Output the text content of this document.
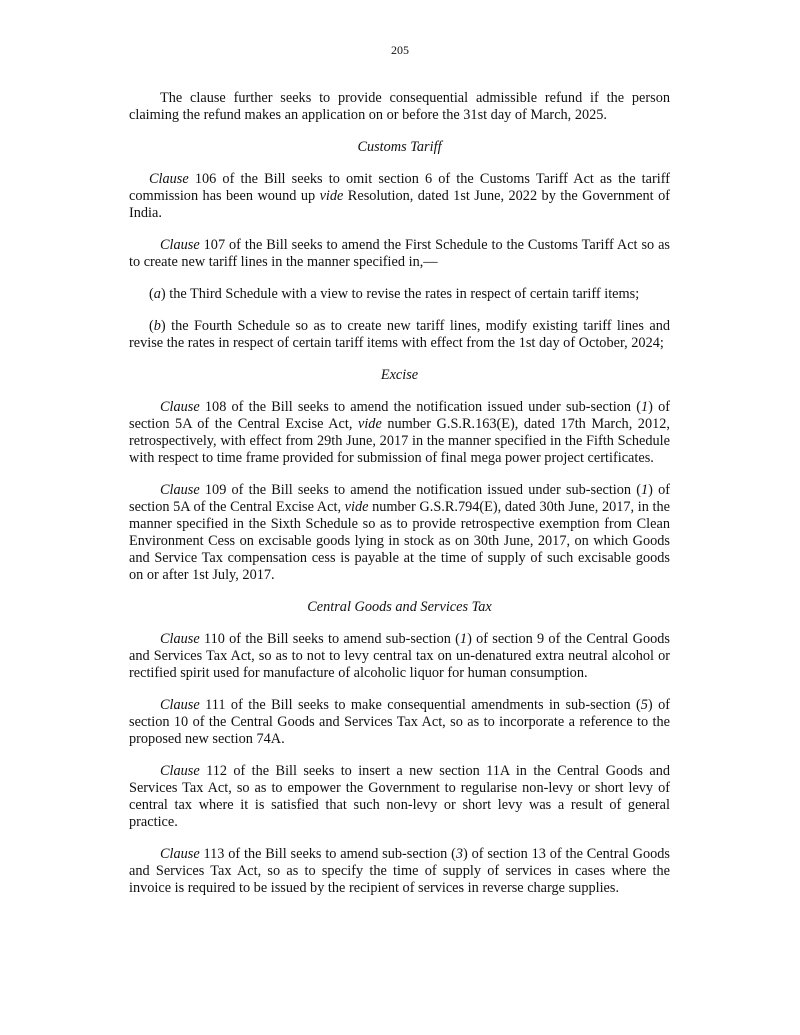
205

The clause further seeks to provide consequential admissible refund if the person claiming the refund makes an application on or before the 31st day of March, 2025.

Customs Tariff

Clause 106 of the Bill seeks to omit section 6 of the Customs Tariff Act as the tariff commission has been wound up vide Resolution, dated 1st June, 2022 by the Government of India.

Clause 107 of the Bill seeks to amend the First Schedule to the Customs Tariff Act so as to create new tariff lines in the manner specified in,—

(a) the Third Schedule with a view to revise the rates in respect of certain tariff items;

(b) the Fourth Schedule so as to create new tariff lines, modify existing tariff lines and revise the rates in respect of certain tariff items with effect from the 1st day of October, 2024;

Excise

Clause 108 of the Bill seeks to amend the notification issued under sub-section (1) of section 5A of the Central Excise Act, vide number G.S.R.163(E), dated 17th March, 2012, retrospectively, with effect from 29th June, 2017 in the manner specified in the Fifth Schedule with respect to time frame provided for submission of final mega power project certificates.

Clause 109 of the Bill seeks to amend the notification issued under sub-section (1) of section 5A of the Central Excise Act, vide number G.S.R.794(E), dated 30th June, 2017, in the manner specified in the Sixth Schedule so as to provide retrospective exemption from Clean Environment Cess on excisable goods lying in stock as on 30th June, 2017, on which Goods and Service Tax compensation cess is payable at the time of supply of such excisable goods on or after 1st July, 2017.

Central Goods and Services Tax

Clause 110 of the Bill seeks to amend sub-section (1) of section 9 of the Central Goods and Services Tax Act, so as to not to levy central tax on un-denatured extra neutral alcohol or rectified spirit used for manufacture of alcoholic liquor for human consumption.

Clause 111 of the Bill seeks to make consequential amendments in sub-section (5) of section 10 of the Central Goods and Services Tax Act, so as to incorporate a reference to the proposed new section 74A.

Clause 112 of the Bill seeks to insert a new section 11A in the Central Goods and Services Tax Act, so as to empower the Government to regularise non-levy or short levy of central tax where it is satisfied that such non-levy or short levy was a result of general practice.

Clause 113 of the Bill seeks to amend sub-section (3) of section 13 of the Central Goods and Services Tax Act, so as to specify the time of supply of services in cases where the invoice is required to be issued by the recipient of services in reverse charge supplies.
